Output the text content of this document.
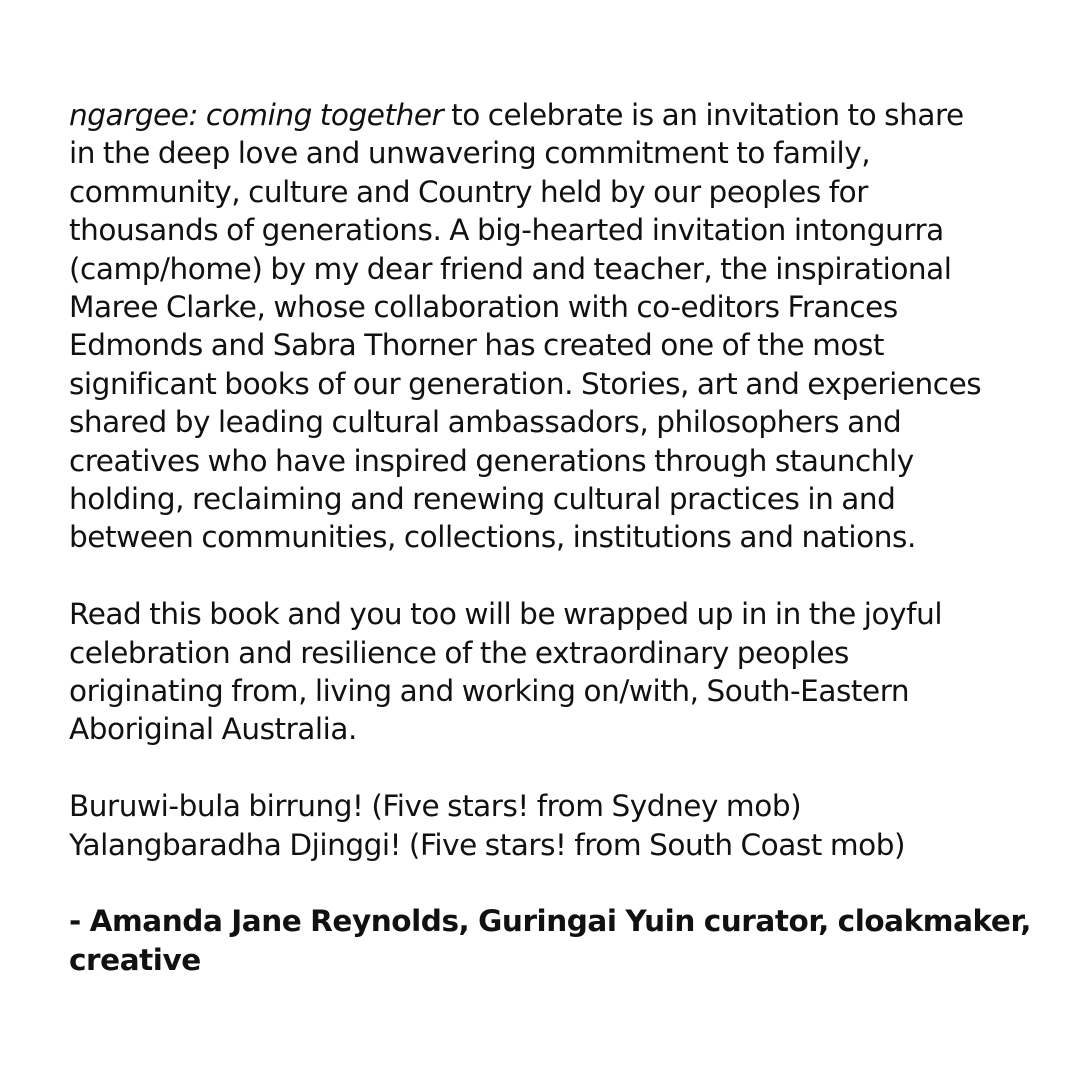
ngargee: coming together to celebrate is an invitation to share
in the deep love and unwavering commitment to family,
community, culture and Country held by our peoples for
thousands of generations. A big-hearted invitation intongurra
(camp/home) by my dear friend and teacher, the inspirational
Maree Clarke, whose collaboration with co-editors Frances
Edmonds and Sabra Thorner has created one of the most
significant books of our generation. Stories, art and experiences
shared by leading cultural ambassadors, philosophers and
creatives who have inspired generations through staunchly
holding, reclaiming and renewing cultural practices in and
between communities, collections, institutions and nations.

Read this book and you too will be wrapped up in in the joyful
celebration and resilience of the extraordinary peoples
originating from, living and working on/with, South-Eastern
Aboriginal Australia.

Buruwi-bula birrung! (Five stars! from Sydney mob)
Yalangbaradha Djinggi! (Five stars! from South Coast mob)

- Amanda Jane Reynolds, Guringai Yuin curator, cloakmaker,
creative
